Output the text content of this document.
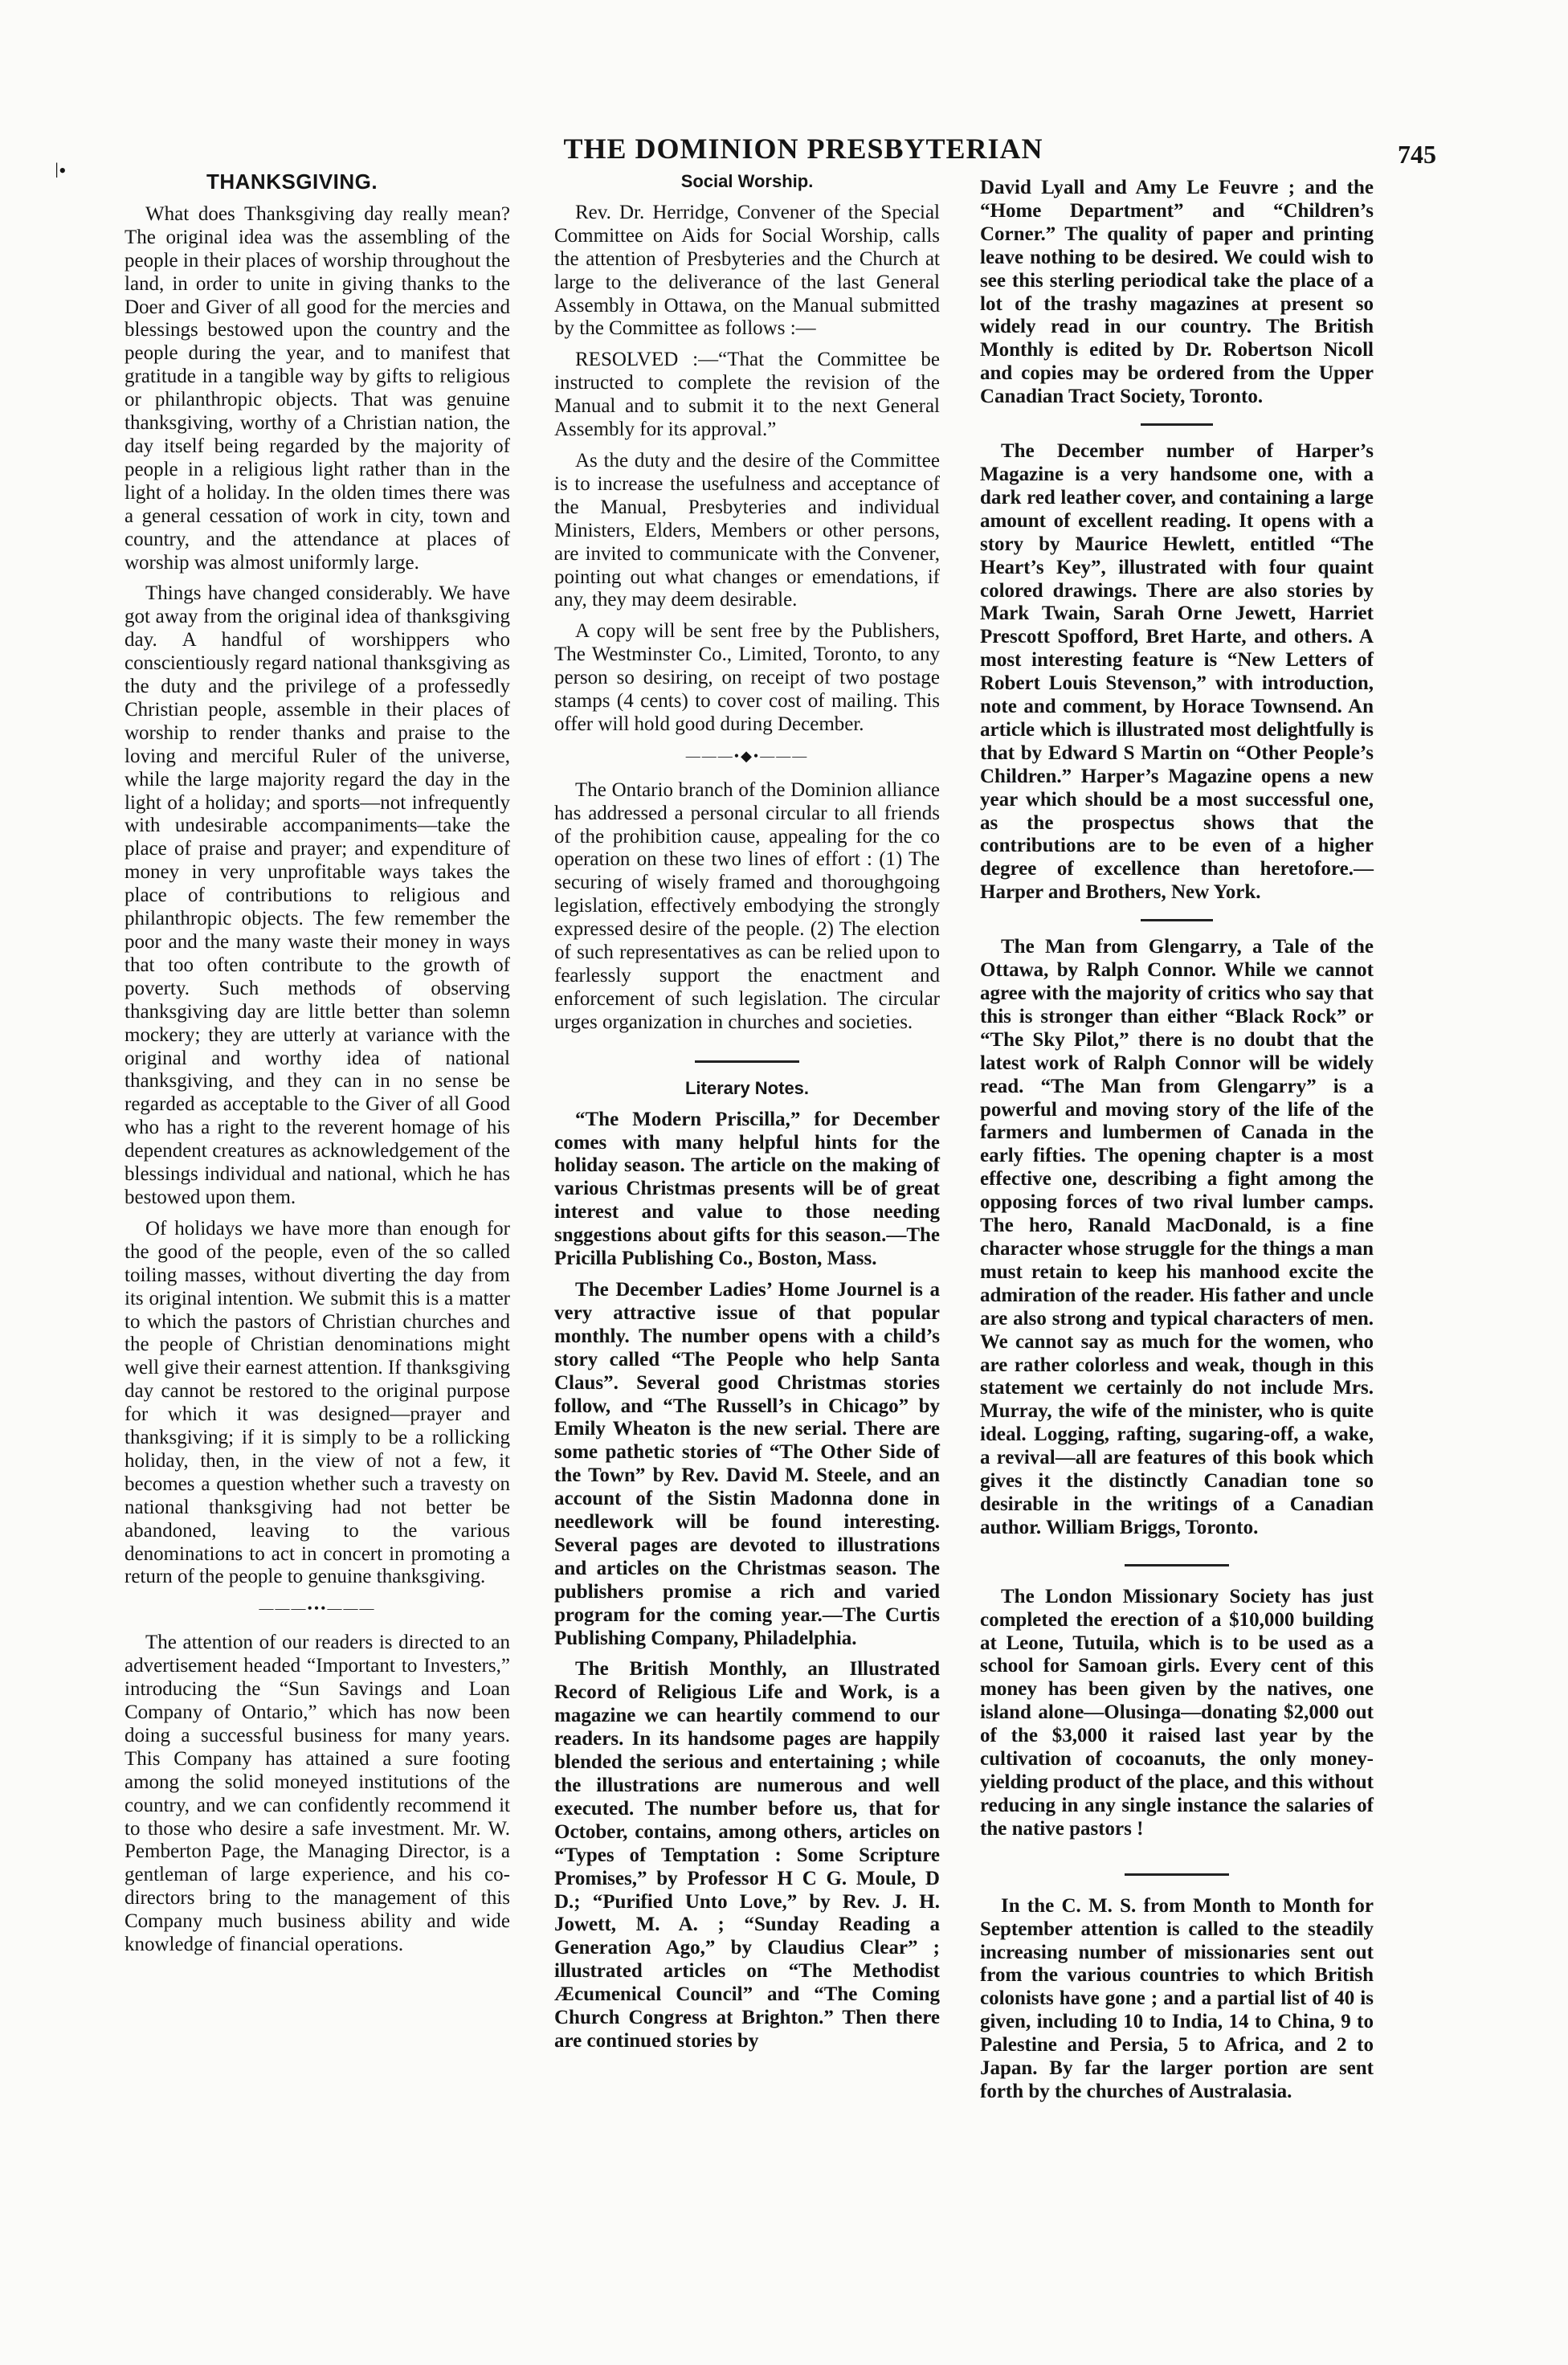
ǀ•
THE DOMINION PRESBYTERIAN	745
THANKSGIVING.

What does Thanksgiving day really mean? The original idea was the assembling of the people in their places of worship throughout the land, in order to unite in giving thanks to the Doer and Giver of all good for the mercies and blessings bestowed upon the country and the people during the year, and to manifest that gratitude in a tangible way by gifts to religious or philanthropic objects. That was genuine thanksgiving, worthy of a Christian nation, the day itself being regarded by the majority of people in a religious light rather than in the light of a holiday. In the olden times there was a general cessation of work in city, town and country, and the attendance at places of worship was almost uniformly large.

Things have changed considerably. We have got away from the original idea of thanksgiving day. A handful of worshippers who conscientiously regard national thanksgiving as the duty and the privilege of a professedly Christian people, assemble in their places of worship to render thanks and praise to the loving and merciful Ruler of the universe, while the large majority regard the day in the light of a holiday; and sports—not infrequently with undesirable accompaniments—take the place of praise and prayer; and expenditure of money in very unprofitable ways takes the place of contributions to religious and philanthropic objects. The few remember the poor and the many waste their money in ways that too often contribute to the growth of poverty. Such methods of observing thanksgiving day are little better than solemn mockery; they are utterly at variance with the original and worthy idea of national thanksgiving, and they can in no sense be regarded as acceptable to the Giver of all Good who has a right to the reverent homage of his dependent creatures as acknowledgement of the blessings individual and national, which he has bestowed upon them.

Of holidays we have more than enough for the good of the people, even of the so called toiling masses, without diverting the day from its original intention. We submit this is a matter to which the pastors of Christian churches and the people of Christian denominations might well give their earnest attention. If thanksgiving day cannot be restored to the original purpose for which it was designed—prayer and thanksgiving; if it is simply to be a rollicking holiday, then, in the view of not a few, it becomes a question whether such a travesty on national thanksgiving had not better be abandoned, leaving to the various denominations to act in concert in promoting a return of the people to genuine thanksgiving.

———•••———

The attention of our readers is directed to an advertisement headed “Important to Investers,” introducing the “Sun Savings and Loan Company of Ontario,” which has now been doing a successful business for many years. This Company has attained a sure footing among the solid moneyed institutions of the country, and we can confidently recommend it to those who desire a safe investment. Mr. W. Pemberton Page, the Managing Director, is a gentleman of large experience, and his co-directors bring to the management of this Company much business ability and wide knowledge of financial operations.

Social Worship.

Rev. Dr. Herridge, Convener of the Special Committee on Aids for Social Worship, calls the attention of Presbyteries and the Church at large to the deliverance of the last General Assembly in Ottawa, on the Manual submitted by the Committee as follows :—

RESOLVED :—“That the Committee be instructed to complete the revision of the Manual and to submit it to the next General Assembly for its approval.”

As the duty and the desire of the Committee is to increase the usefulness and acceptance of the Manual, Presbyteries and individual Ministers, Elders, Members or other persons, are invited to communicate with the Convener, pointing out what changes or emendations, if any, they may deem desirable.

A copy will be sent free by the Publishers, The Westminster Co., Limited, Toronto, to any person so desiring, on receipt of two postage stamps (4 cents) to cover cost of mailing. This offer will hold good during December.

———•◆•———

The Ontario branch of the Dominion alliance has addressed a personal circular to all friends of the prohibition cause, appealing for the co operation on these two lines of effort : (1) The securing of wisely framed and thoroughgoing legislation, effectively embodying the strongly expressed desire of the people. (2) The election of such representatives as can be relied upon to fearlessly support the enactment and enforcement of such legislation. The circular urges organization in churches and societies.

Literary Notes.

“The Modern Priscilla,” for December comes with many helpful hints for the holiday season. The article on the making of various Christmas presents will be of great interest and value to those needing snggestions about gifts for this season.—The Pricilla Publishing Co., Boston, Mass.

The December Ladies’ Home Journel is a very attractive issue of that popular monthly. The number opens with a child’s story called “The People who help Santa Claus”. Several good Christmas stories follow, and “The Russell’s in Chicago” by Emily Wheaton is the new serial. There are some pathetic stories of “The Other Side of the Town” by Rev. David M. Steele, and an account of the Sistin Madonna done in needlework will be found interesting. Several pages are devoted to illustrations and articles on the Christmas season. The publishers promise a rich and varied program for the coming year.—The Curtis Publishing Company, Philadelphia.

The British Monthly, an Illustrated Record of Religious Life and Work, is a magazine we can heartily commend to our readers. In its handsome pages are happily blended the serious and entertaining ; while the illustrations are numerous and well executed. The number before us, that for October, contains, among others, articles on “Types of Temptation : Some Scripture Promises,” by Professor H C G. Moule, D D.; “Purified Unto Love,” by Rev. J. H. Jowett, M. A. ; “Sunday Reading a Generation Ago,” by Claudius Clear” ; illustrated articles on “The Methodist Æcumenical Council” and “The Coming Church Congress at Brighton.” Then there are continued stories by

David Lyall and Amy Le Feuvre ; and the “Home Department” and “Children’s Corner.” The quality of paper and printing leave nothing to be desired. We could wish to see this sterling periodical take the place of a lot of the trashy magazines at present so widely read in our country. The British Monthly is edited by Dr. Robertson Nicoll and copies may be ordered from the Upper Canadian Tract Society, Toronto.

The December number of Harper’s Magazine is a very handsome one, with a dark red leather cover, and containing a large amount of excellent reading. It opens with a story by Maurice Hewlett, entitled “The Heart’s Key”, illustrated with four quaint colored drawings. There are also stories by Mark Twain, Sarah Orne Jewett, Harriet Prescott Spofford, Bret Harte, and others. A most interesting feature is “New Letters of Robert Louis Stevenson,” with introduction, note and comment, by Horace Townsend. An article which is illustrated most delightfully is that by Edward S Martin on “Other People’s Children.” Harper’s Magazine opens a new year which should be a most successful one, as the prospectus shows that the contributions are to be even of a higher degree of excellence than heretofore.—Harper and Brothers, New York.

The Man from Glengarry, a Tale of the Ottawa, by Ralph Connor. While we cannot agree with the majority of critics who say that this is stronger than either “Black Rock” or “The Sky Pilot,” there is no doubt that the latest work of Ralph Connor will be widely read. “The Man from Glengarry” is a powerful and moving story of the life of the farmers and lumbermen of Canada in the early fifties. The opening chapter is a most effective one, describing a fight among the opposing forces of two rival lumber camps. The hero, Ranald MacDonald, is a fine character whose struggle for the things a man must retain to keep his manhood excite the admiration of the reader. His father and uncle are also strong and typical characters of men. We cannot say as much for the women, who are rather colorless and weak, though in this statement we certainly do not include Mrs. Murray, the wife of the minister, who is quite ideal. Logging, rafting, sugaring-off, a wake, a revival—all are features of this book which gives it the distinctly Canadian tone so desirable in the writings of a Canadian author. William Briggs, Toronto.

The London Missionary Society has just completed the erection of a $10,000 building at Leone, Tutuila, which is to be used as a school for Samoan girls. Every cent of this money has been given by the natives, one island alone—Olusinga—donating $2,000 out of the $3,000 it raised last year by the cultivation of cocoanuts, the only money-yielding product of the place, and this without reducing in any single instance the salaries of the native pastors !

In the C. M. S. from Month to Month for September attention is called to the steadily increasing number of missionaries sent out from the various countries to which British colonists have gone ; and a partial list of 40 is given, including 10 to India, 14 to China, 9 to Palestine and Persia, 5 to Africa, and 2 to Japan. By far the larger portion are sent forth by the churches of Australasia.
